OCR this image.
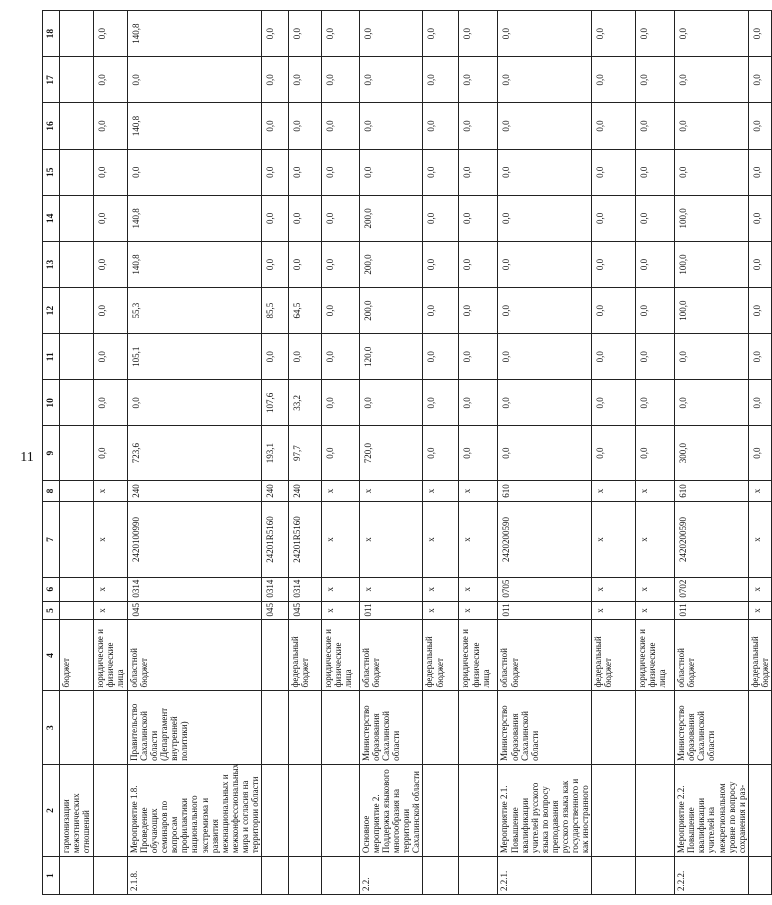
11
1	2	3	4	5	6	7	8	9	10	11	12	13	14	15	16	17	18
	гармонизации межэтнических отношений		бюджет														
			юридические и физические лица	х	х	х	х	0,0	0,0	0,0	0,0	0,0	0,0	0,0	0,0	0,0	0,0
2.1.8.	Мероприятие 1.8. Проведение обучающих семинаров по вопросам профилактики национального экстремизма и развития межнациональных и межконфессиональных мира и согласия на территории области	Правительство Сахалинской области (Департамент внутренней политики)	областной бюджет	045	0314	2420100990	240	723,6	0,0	105,1	55,3	140,8	140,8	0,0	140,8	0,0	140,8
				045	0314	24201R5160	240	193,1	107,6	0,0	85,5	0,0	0,0	0,0	0,0	0,0	0,0
			федеральный бюджет	045	0314	24201R5160	240	97,7	33,2	0,0	64,5	0,0	0,0	0,0	0,0	0,0	0,0
			юридические и физические лица	х	х	х	х	0,0	0,0	0,0	0,0	0,0	0,0	0,0	0,0	0,0	0,0
2.2.	Основное мероприятие 2. Поддержка языкового многообразия на территории Сахалинской области	Министерство образования Сахалинской области	областной бюджет	011	х	х	х	720,0	0,0	120,0	200,0	200,0	200,0	0,0	0,0	0,0	0,0
			федеральный бюджет	х	х	х	х	0,0	0,0	0,0	0,0	0,0	0,0	0,0	0,0	0,0	0,0
			юридические и физические лица	х	х	х	х	0,0	0,0	0,0	0,0	0,0	0,0	0,0	0,0	0,0	0,0
2.2.1.	Мероприятие 2.1. Повышение квалификации учителей русского языка по вопросу преподавания русского языка как государственного и как иностранного	Министерство образования Сахалинской области	областной бюджет	011	0705	2420200590	610	0,0	0,0	0,0	0,0	0,0	0,0	0,0	0,0	0,0	0,0
			федеральный бюджет	х	х	х	х	0,0	0,0	0,0	0,0	0,0	0,0	0,0	0,0	0,0	0,0
			юридические и физические лица	х	х	х	х	0,0	0,0	0,0	0,0	0,0	0,0	0,0	0,0	0,0	0,0
2.2.2.	Мероприятие 2.2. Повышение квалификации учителей на межрегиональном уровне по вопросу сохранения и раз-	Министерство образования Сахалинской области	областной бюджет	011	0702	2420200590	610	300,0	0,0	0,0	100,0	100,0	100,0	0,0	0,0	0,0	0,0
			федеральный бюджет	х	х	х	х	0,0	0,0	0,0	0,0	0,0	0,0	0,0	0,0	0,0	0,0
